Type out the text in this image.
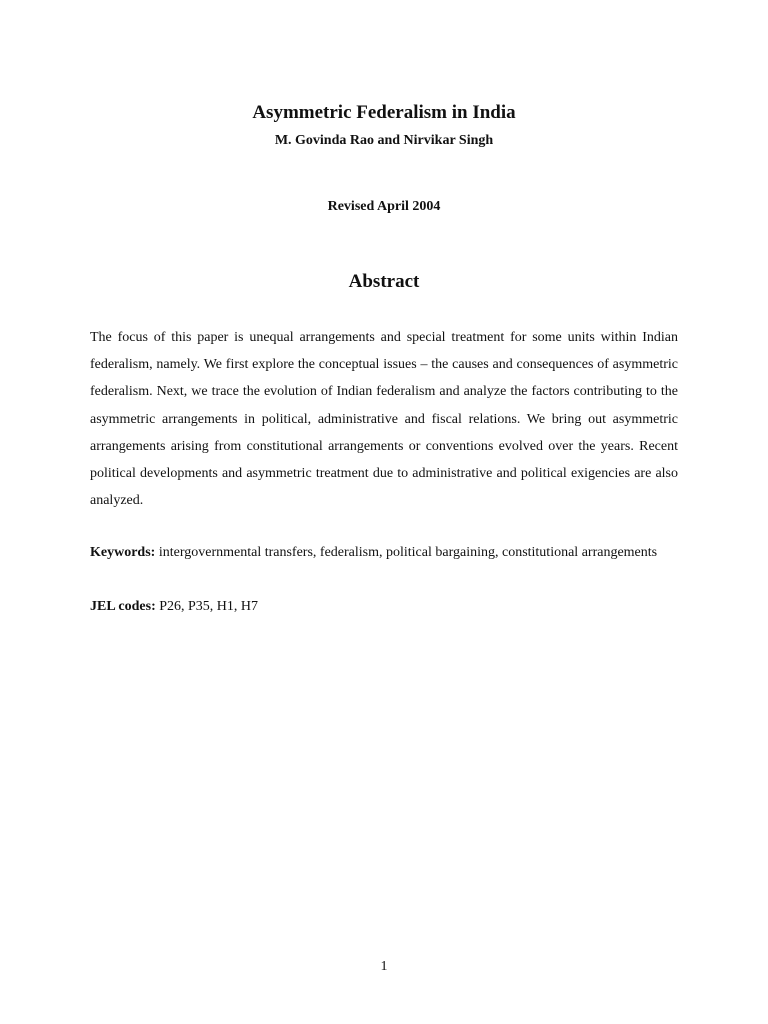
Asymmetric Federalism in India

M. Govinda Rao and Nirvikar Singh

Revised April 2004

Abstract

The focus of this paper is unequal arrangements and special treatment for some units within Indian federalism, namely. We first explore the conceptual issues – the causes and consequences of asymmetric federalism. Next, we trace the evolution of Indian federalism and analyze the factors contributing to the asymmetric arrangements in political, administrative and fiscal relations. We bring out asymmetric arrangements arising from constitutional arrangements or conventions evolved over the years. Recent political developments and asymmetric treatment due to administrative and political exigencies are also analyzed.

Keywords: intergovernmental transfers, federalism, political bargaining, constitutional arrangements

JEL codes: P26, P35, H1, H7

1
